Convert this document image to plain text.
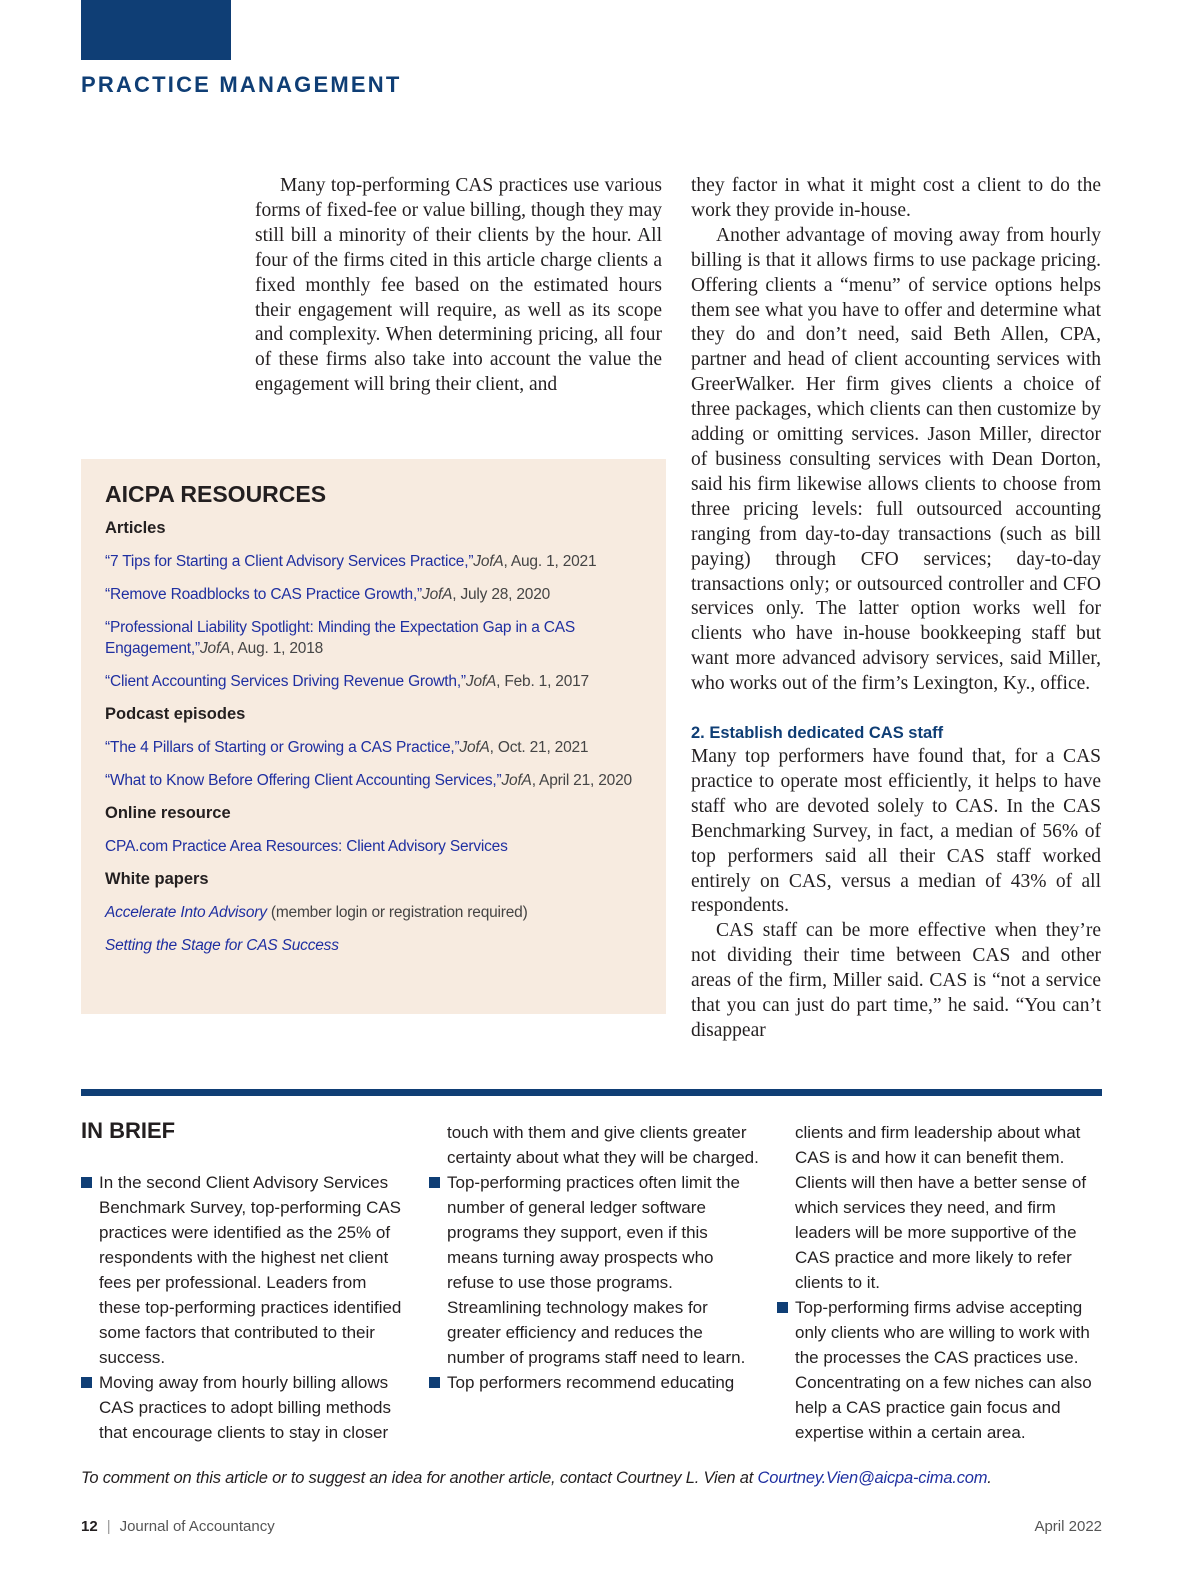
PRACTICE MANAGEMENT

Many top-performing CAS practices use various forms of fixed-fee or value billing, though they may still bill a minority of their clients by the hour. All four of the firms cited in this article charge clients a fixed monthly fee based on the estimated hours their engagement will require, as well as its scope and complexity. When determining pricing, all four of these firms also take into account the value the engagement will bring their client, and

they factor in what it might cost a client to do the work they provide in-house.

Another advantage of moving away from hourly billing is that it allows firms to use package pricing. Offering clients a “menu” of service options helps them see what you have to offer and determine what they do and don’t need, said Beth Allen, CPA, partner and head of client accounting services with GreerWalker. Her firm gives clients a choice of three packages, which clients can then customize by adding or omitting services. Jason Miller, director of business consulting services with Dean Dorton, said his firm likewise allows clients to choose from three pricing levels: full outsourced accounting ranging from day-to-day transactions (such as bill paying) through CFO services; day-to-day transactions only; or outsourced controller and CFO services only. The latter option works well for clients who have in-house bookkeeping staff but want more advanced advisory services, said Miller, who works out of the firm’s Lexington, Ky., office.

2. Establish dedicated CAS staff

Many top performers have found that, for a CAS practice to operate most efficiently, it helps to have staff who are devoted solely to CAS. In the CAS Benchmarking Survey, in fact, a median of 56% of top performers said all their CAS staff worked entirely on CAS, versus a median of 43% of all respondents.

CAS staff can be more effective when they’re not dividing their time between CAS and other areas of the firm, Miller said. CAS is “not a service that you can just do part time,” he said. “You can’t disappear

AICPA RESOURCES

Articles

“7 Tips for Starting a Client Advisory Services Practice,”JofA, Aug. 1, 2021

“Remove Roadblocks to CAS Practice Growth,”JofA, July 28, 2020

“Professional Liability Spotlight: Minding the Expectation Gap in a CAS Engagement,”JofA, Aug. 1, 2018

“Client Accounting Services Driving Revenue Growth,”JofA, Feb. 1, 2017

Podcast episodes

“The 4 Pillars of Starting or Growing a CAS Practice,”JofA, Oct. 21, 2021

“What to Know Before Offering Client Accounting Services,”JofA, April 21, 2020

Online resource

CPA.com Practice Area Resources: Client Advisory Services

White papers

Accelerate Into Advisory (member login or registration required)

Setting the Stage for CAS Success

IN BRIEF

In the second Client Advisory Services Benchmark Survey, top-performing CAS practices were identified as the 25% of respondents with the highest net client fees per professional. Leaders from these top-performing practices identified some factors that contributed to their success.

Moving away from hourly billing allows CAS practices to adopt billing methods that encourage clients to stay in closer

touch with them and give clients greater certainty about what they will be charged.

Top-performing practices often limit the number of general ledger software programs they support, even if this means turning away prospects who refuse to use those programs. Streamlining technology makes for greater efficiency and reduces the number of programs staff need to learn.

Top performers recommend educating

clients and firm leadership about what CAS is and how it can benefit them. Clients will then have a better sense of which services they need, and firm leaders will be more supportive of the CAS practice and more likely to refer clients to it.

Top-performing firms advise accepting only clients who are willing to work with the processes the CAS practices use. Concentrating on a few niches can also help a CAS practice gain focus and expertise within a certain area.

To comment on this article or to suggest an idea for another article, contact Courtney L. Vien at Courtney.Vien@aicpa-cima.com.
12 | Journal of Accountancy	April 2022
